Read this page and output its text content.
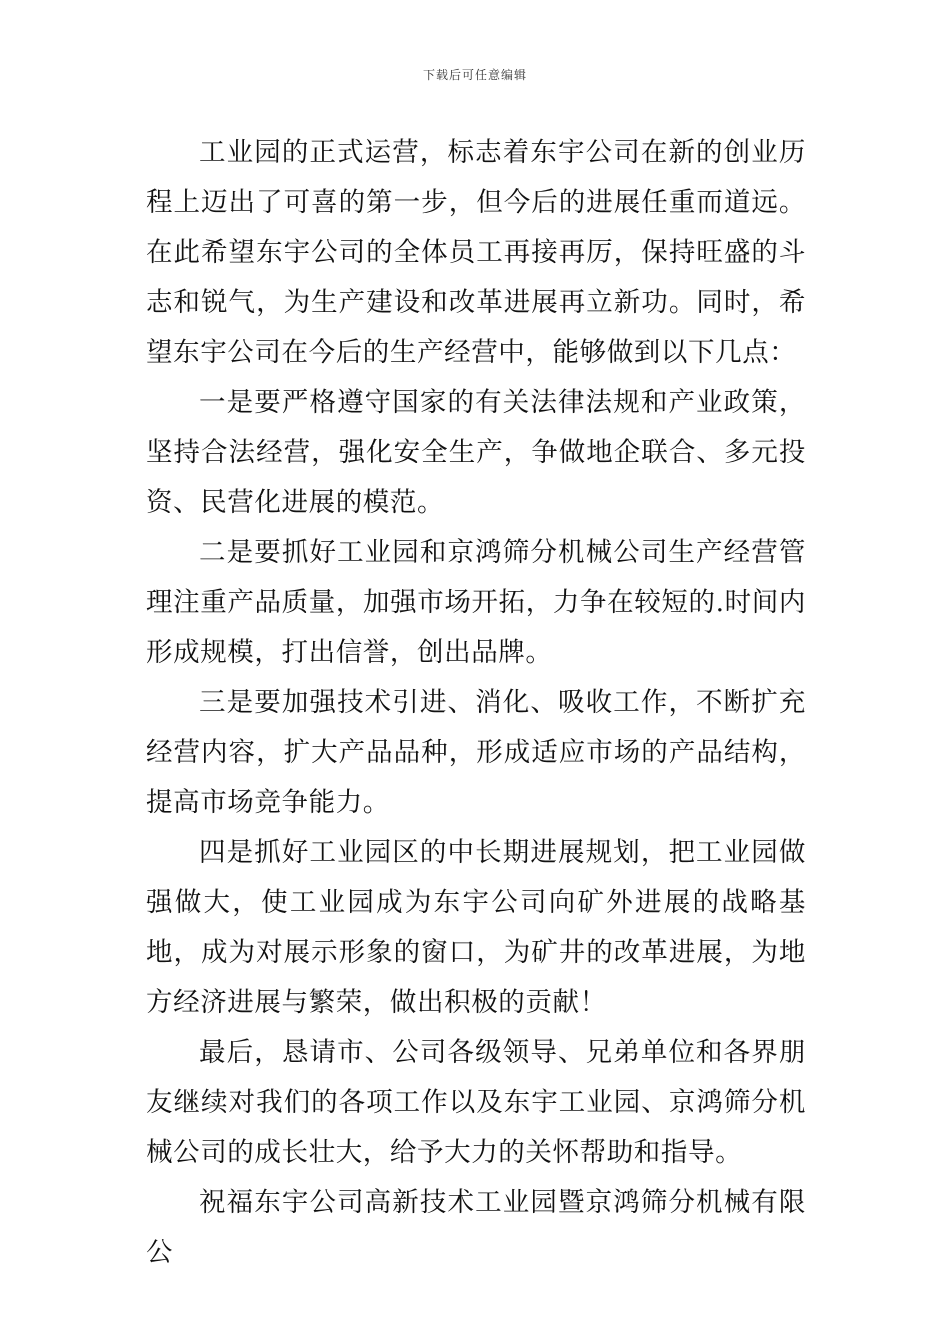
下载后可任意编辑

工业园的正式运营，标志着东宇公司在新的创业历程上迈出了可喜的第一步，但今后的进展任重而道远。在此希望东宇公司的全体员工再接再厉，保持旺盛的斗志和锐气，为生产建设和改革进展再立新功。同时，希望东宇公司在今后的生产经营中，能够做到以下几点：

一是要严格遵守国家的有关法律法规和产业政策，坚持合法经营，强化安全生产，争做地企联合、多元投资、民营化进展的模范。

二是要抓好工业园和京鸿筛分机械公司生产经营管理注重产品质量，加强市场开拓，力争在较短的.时间内形成规模，打出信誉，创出品牌。

三是要加强技术引进、消化、吸收工作，不断扩充经营内容，扩大产品品种，形成适应市场的产品结构，提高市场竞争能力。

四是抓好工业园区的中长期进展规划，把工业园做强做大，使工业园成为东宇公司向矿外进展的战略基地，成为对展示形象的窗口，为矿井的改革进展，为地方经济进展与繁荣，做出积极的贡献！

最后，恳请市、公司各级领导、兄弟单位和各界朋友继续对我们的各项工作以及东宇工业园、京鸿筛分机械公司的成长壮大，给予大力的关怀帮助和指导。

祝福东宇公司高新技术工业园暨京鸿筛分机械有限公
